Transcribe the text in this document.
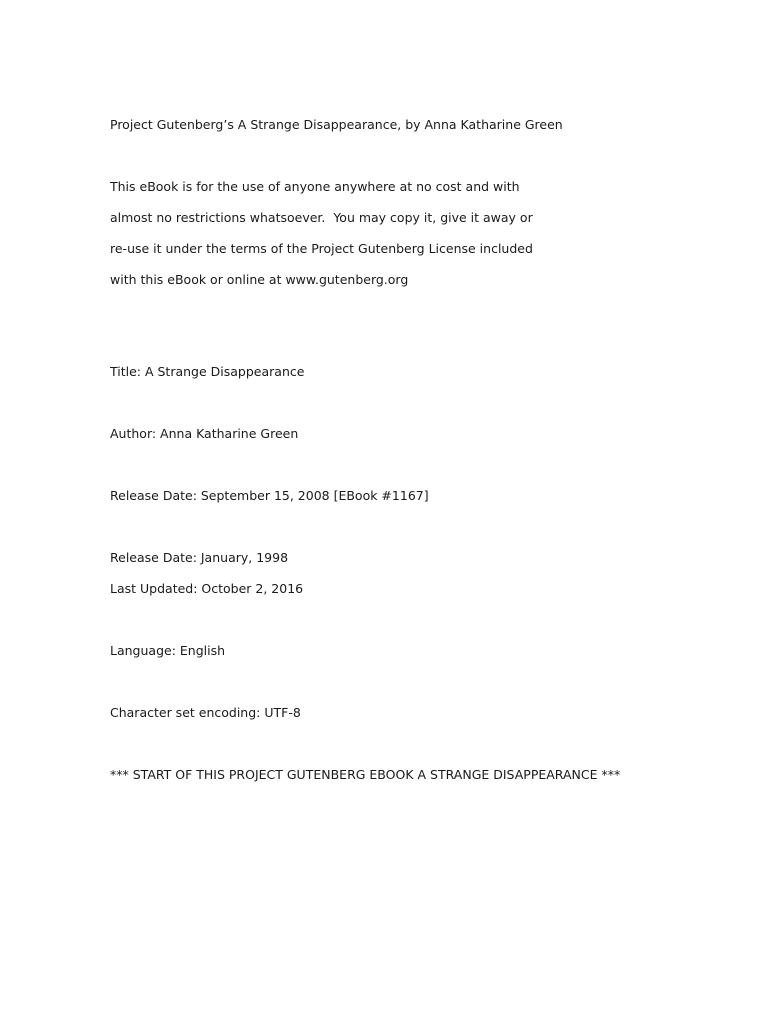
Project Gutenberg’s A Strange Disappearance, by Anna Katharine Green
This eBook is for the use of anyone anywhere at no cost and with
almost no restrictions whatsoever.  You may copy it, give it away or
re-use it under the terms of the Project Gutenberg License included
with this eBook or online at www.gutenberg.org
Title: A Strange Disappearance
Author: Anna Katharine Green
Release Date: September 15, 2008 [EBook #1167]
Release Date: January, 1998
Last Updated: October 2, 2016
Language: English
Character set encoding: UTF-8
*** START OF THIS PROJECT GUTENBERG EBOOK A STRANGE DISAPPEARANCE ***
